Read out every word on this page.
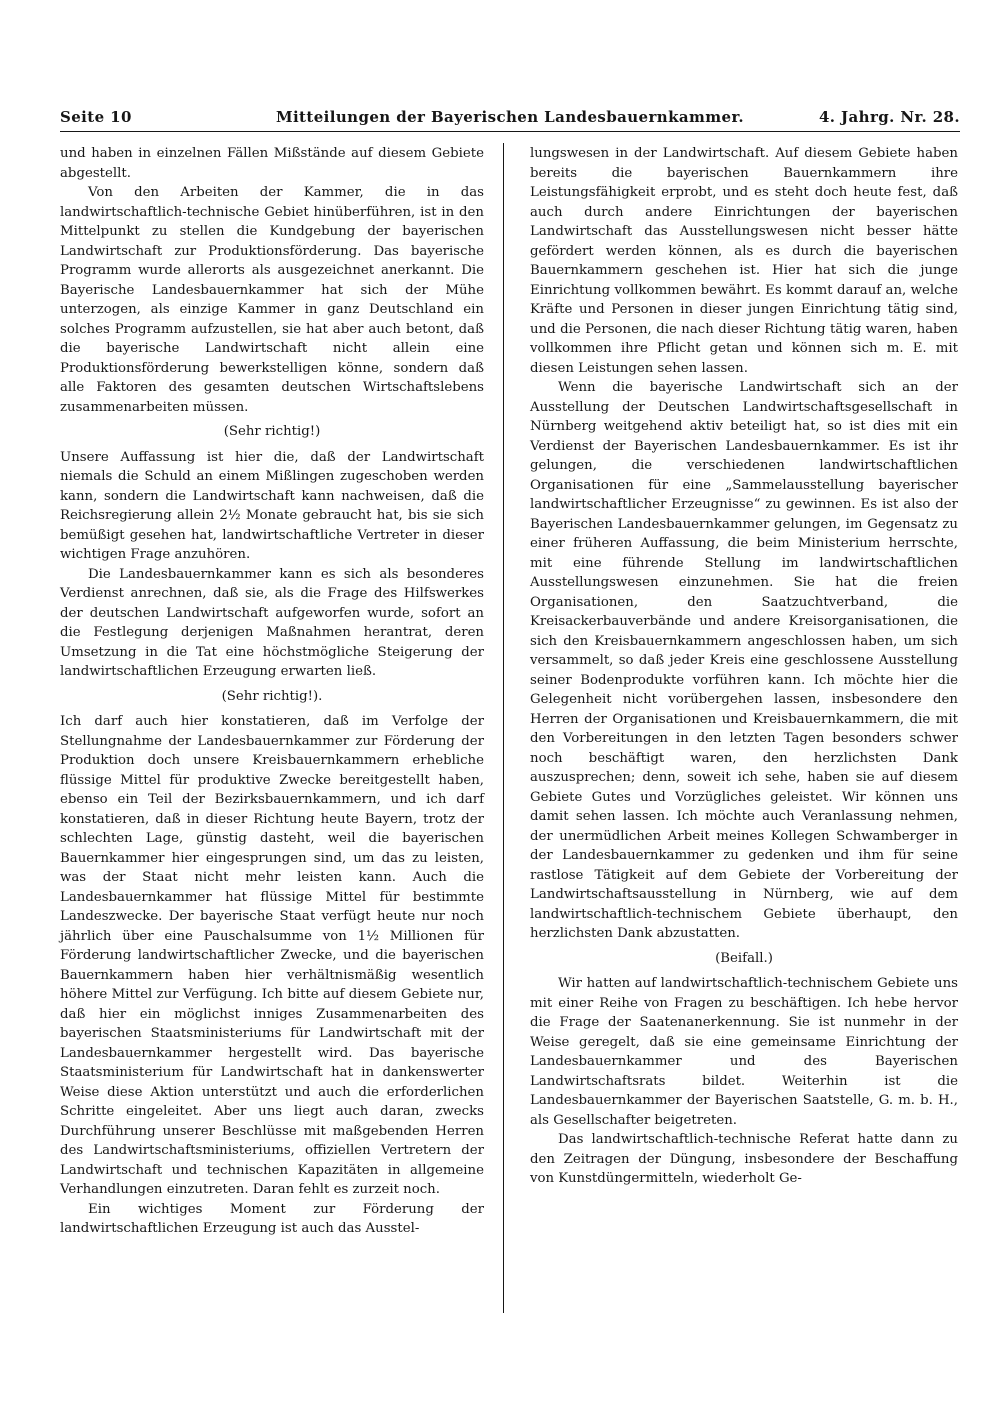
Seite 10	Mitteilungen der Bayerischen Landesbauernkammer.	4. Jahrg. Nr. 28.

und haben in einzelnen Fällen Mißstände auf diesem Gebiete abgestellt.

Von den Arbeiten der Kammer, die in das landwirtschaftlich-technische Gebiet hinüberführen, ist in den Mittelpunkt zu stellen die Kundgebung der bayerischen Landwirtschaft zur Produktionsförderung. Das bayerische Programm wurde allerorts als ausgezeichnet anerkannt. Die Bayerische Landesbauernkammer hat sich der Mühe unterzogen, als einzige Kammer in ganz Deutschland ein solches Programm aufzustellen, sie hat aber auch betont, daß die bayerische Landwirtschaft nicht allein eine Produktionsförderung bewerkstelligen könne, sondern daß alle Faktoren des gesamten deutschen Wirtschaftslebens zusammenarbeiten müssen.

(Sehr richtig!)

Unsere Auffassung ist hier die, daß der Landwirtschaft niemals die Schuld an einem Mißlingen zugeschoben werden kann, sondern die Landwirtschaft kann nachweisen, daß die Reichsregierung allein 2½ Monate gebraucht hat, bis sie sich bemüßigt gesehen hat, landwirtschaftliche Vertreter in dieser wichtigen Frage anzuhören.

Die Landesbauernkammer kann es sich als besonderes Verdienst anrechnen, daß sie, als die Frage des Hilfswerkes der deutschen Landwirtschaft aufgeworfen wurde, sofort an die Festlegung derjenigen Maßnahmen herantrat, deren Umsetzung in die Tat eine höchstmögliche Steigerung der landwirtschaftlichen Erzeugung erwarten ließ.

(Sehr richtig!).

Ich darf auch hier konstatieren, daß im Verfolge der Stellungnahme der Landesbauernkammer zur Förderung der Produktion doch unsere Kreisbauernkammern erhebliche flüssige Mittel für produktive Zwecke bereitgestellt haben, ebenso ein Teil der Bezirksbauernkammern, und ich darf konstatieren, daß in dieser Richtung heute Bayern, trotz der schlechten Lage, günstig dasteht, weil die bayerischen Bauernkammer hier eingesprungen sind, um das zu leisten, was der Staat nicht mehr leisten kann. Auch die Landesbauernkammer hat flüssige Mittel für bestimmte Landeszwecke. Der bayerische Staat verfügt heute nur noch jährlich über eine Pauschalsumme von 1½ Millionen für Förderung landwirtschaftlicher Zwecke, und die bayerischen Bauernkammern haben hier verhältnismäßig wesentlich höhere Mittel zur Verfügung. Ich bitte auf diesem Gebiete nur, daß hier ein möglichst inniges Zusammenarbeiten des bayerischen Staatsministeriums für Landwirtschaft mit der Landesbauernkammer hergestellt wird. Das bayerische Staatsministerium für Landwirtschaft hat in dankenswerter Weise diese Aktion unterstützt und auch die erforderlichen Schritte eingeleitet. Aber uns liegt auch daran, zwecks Durchführung unserer Beschlüsse mit maßgebenden Herren des Landwirtschaftsministeriums, offiziellen Vertretern der Landwirtschaft und technischen Kapazitäten in allgemeine Verhandlungen einzutreten. Daran fehlt es zurzeit noch.

Ein wichtiges Moment zur Förderung der landwirtschaftlichen Erzeugung ist auch das Ausstel-

lungswesen in der Landwirtschaft. Auf diesem Gebiete haben bereits die bayerischen Bauernkammern ihre Leistungsfähigkeit erprobt, und es steht doch heute fest, daß auch durch andere Einrichtungen der bayerischen Landwirtschaft das Ausstellungswesen nicht besser hätte gefördert werden können, als es durch die bayerischen Bauernkammern geschehen ist. Hier hat sich die junge Einrichtung vollkommen bewährt. Es kommt darauf an, welche Kräfte und Personen in dieser jungen Einrichtung tätig sind, und die Personen, die nach dieser Richtung tätig waren, haben vollkommen ihre Pflicht getan und können sich m. E. mit diesen Leistungen sehen lassen.

Wenn die bayerische Landwirtschaft sich an der Ausstellung der Deutschen Landwirtschaftsgesellschaft in Nürnberg weitgehend aktiv beteiligt hat, so ist dies mit ein Verdienst der Bayerischen Landesbauernkammer. Es ist ihr gelungen, die verschiedenen landwirtschaftlichen Organisationen für eine „Sammelausstellung bayerischer landwirtschaftlicher Erzeugnisse“ zu gewinnen. Es ist also der Bayerischen Landesbauernkammer gelungen, im Gegensatz zu einer früheren Auffassung, die beim Ministerium herrschte, mit eine führende Stellung im landwirtschaftlichen Ausstellungswesen einzunehmen. Sie hat die freien Organisationen, den Saatzuchtverband, die Kreisackerbauverbände und andere Kreisorganisationen, die sich den Kreisbauernkammern angeschlossen haben, um sich versammelt, so daß jeder Kreis eine geschlossene Ausstellung seiner Bodenprodukte vorführen kann. Ich möchte hier die Gelegenheit nicht vorübergehen lassen, insbesondere den Herren der Organisationen und Kreisbauernkammern, die mit den Vorbereitungen in den letzten Tagen besonders schwer noch beschäftigt waren, den herzlichsten Dank auszusprechen; denn, soweit ich sehe, haben sie auf diesem Gebiete Gutes und Vorzügliches geleistet. Wir können uns damit sehen lassen. Ich möchte auch Veranlassung nehmen, der unermüdlichen Arbeit meines Kollegen Schwamberger in der Landesbauernkammer zu gedenken und ihm für seine rastlose Tätigkeit auf dem Gebiete der Vorbereitung der Landwirtschaftsausstellung in Nürnberg, wie auf dem landwirtschaftlich-technischem Gebiete überhaupt, den herzlichsten Dank abzustatten.

(Beifall.)

Wir hatten auf landwirtschaftlich-technischem Gebiete uns mit einer Reihe von Fragen zu beschäftigen. Ich hebe hervor die Frage der Saatenanerkennung. Sie ist nunmehr in der Weise geregelt, daß sie eine gemeinsame Einrichtung der Landesbauernkammer und des Bayerischen Landwirtschaftsrats bildet. Weiterhin ist die Landesbauernkammer der Bayerischen Saatstelle, G. m. b. H., als Gesellschafter beigetreten.

Das landwirtschaftlich-technische Referat hatte dann zu den Zeitragen der Düngung, insbesondere der Beschaffung von Kunstdüngermitteln, wiederholt Ge-
